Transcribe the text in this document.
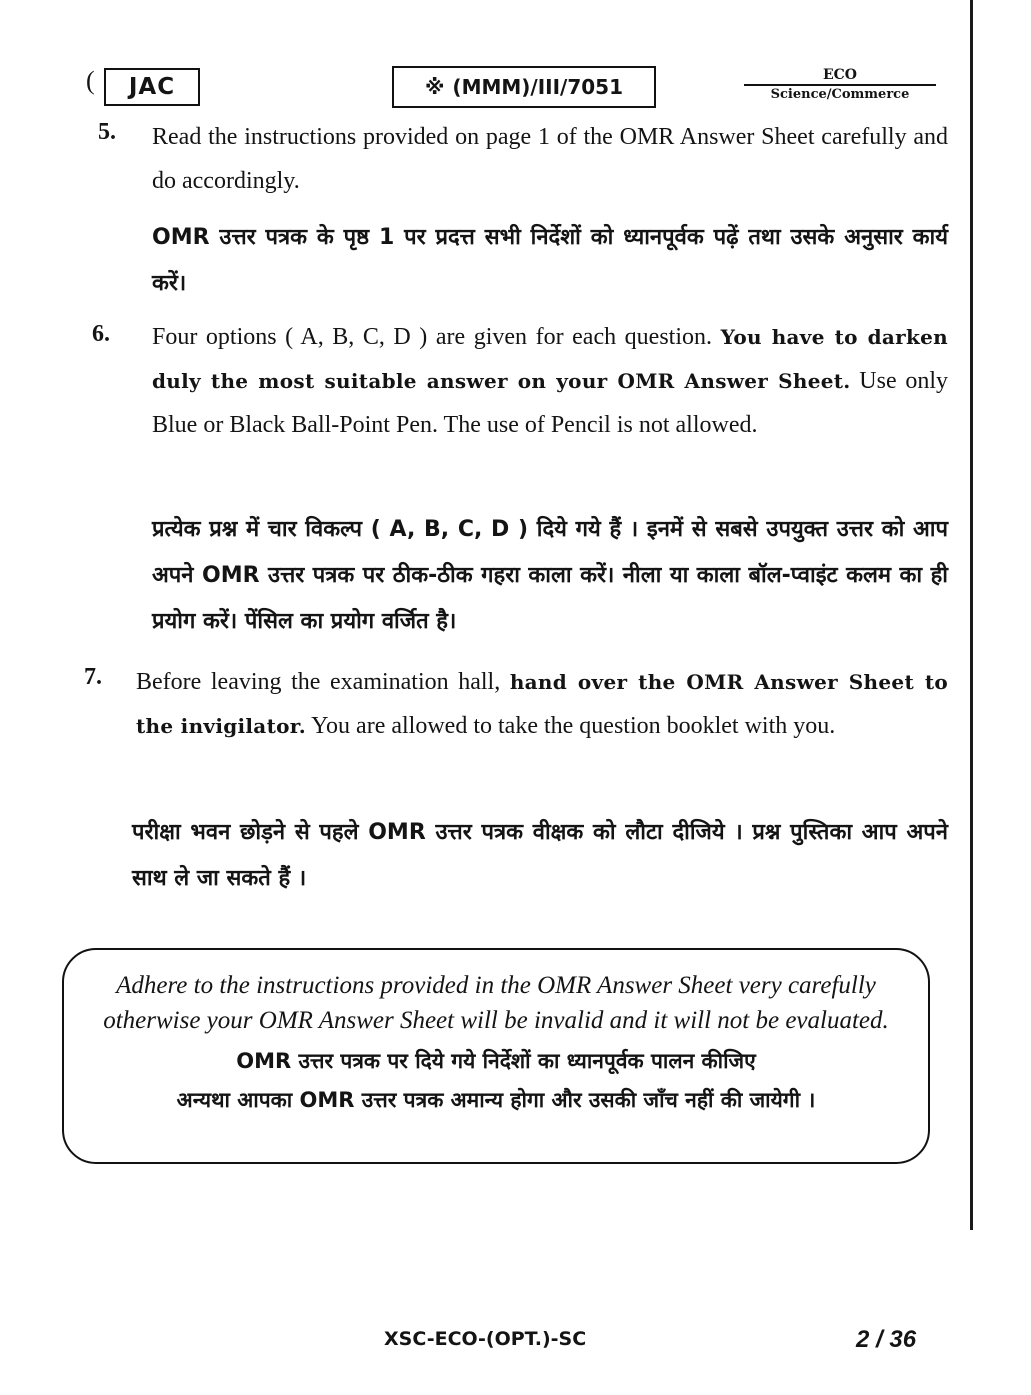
( JAC	※ (MMM)/III/7051	ECO
Science/Commerce
5. Read the instructions provided on page 1 of the OMR Answer Sheet carefully and do accordingly.

OMR उत्तर पत्रक के पृष्ठ 1 पर प्रदत्त सभी निर्देशों को ध्यानपूर्वक पढ़ें तथा उसके अनुसार कार्य करें।

6. Four options ( A, B, C, D ) are given for each question. You have to darken duly the most suitable answer on your OMR Answer Sheet. Use only Blue or Black Ball-Point Pen. The use of Pencil is not allowed.

प्रत्येक प्रश्न में चार विकल्प ( A, B, C, D ) दिये गये हैं । इनमें से सबसे उपयुक्त उत्तर को आप अपने OMR उत्तर पत्रक पर ठीक-ठीक गहरा काला करें। नीला या काला बॉल-प्वाइंट कलम का ही प्रयोग करें। पेंसिल का प्रयोग वर्जित है।

7. Before leaving the examination hall, hand over the OMR Answer Sheet to the invigilator. You are allowed to take the question booklet with you.

परीक्षा भवन छोड़ने से पहले OMR उत्तर पत्रक वीक्षक को लौटा दीजिये । प्रश्न पुस्तिका आप अपने साथ ले जा सकते हैं ।

Adhere to the instructions provided in the OMR Answer Sheet very carefully otherwise your OMR Answer Sheet will be invalid and it will not be evaluated.

OMR उत्तर पत्रक पर दिये गये निर्देशों का ध्यानपूर्वक पालन कीजिए

अन्यथा आपका OMR उत्तर पत्रक अमान्य होगा और उसकी जाँच नहीं की जायेगी ।

XSC-ECO-(OPT.)-SC	2 / 36
